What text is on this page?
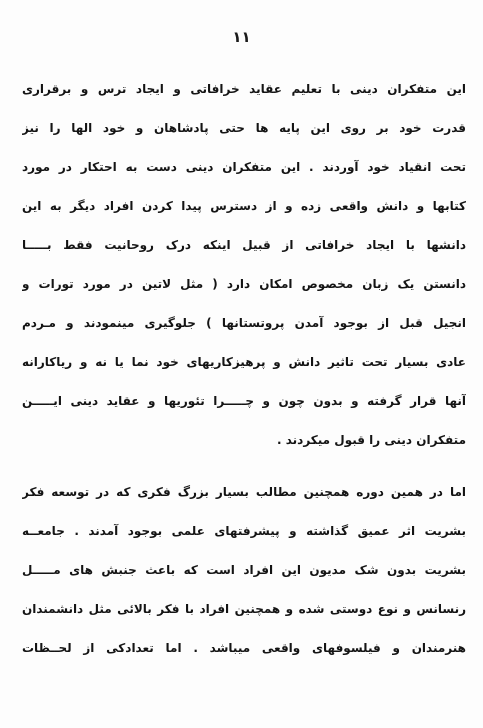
۱۱
این متفکران دینی با تعلیم عقاید خرافاتی و ایجاد ترس و برقراری
قدرت خود بر روی این پایه ها حتی پادشاهان و خود الها را نیز
تحت انقیاد خود آوردند . این متفکران دینی دست به احتکار در مورد
کتابها و دانش واقعی زده و از دسترس پیدا کردن افراد دیگر به این
دانشها با ایجاد خرافاتی از قبیل اینکه درک روحانیت فقط بـــــا
دانستن یک زبان مخصوص امکان دارد ( مثل لاتین در مورد تورات و
انجیل قبل از بوجود آمدن پروتستانها ) جلوگیری مینمودند و مـردم
عادی بسیار تحت تاثیر دانش و پرهیزکاریهای خود نما یا نه و ریاکارانه
آنها قرار گرفته و بدون چون و چـــــرا تئوریها و عقاید دینی ایـــــن
متفکران دینی را قبول میکردند .
اما در همین دوره همچنین مطالب بسیار بزرگ فکری که در توسعه فکر
بشریت اثر عمیق گذاشته و پیشرفتهای علمی بوجود آمدند . جامعــه
بشریت بدون شک مدیون این افراد است که باعث جنبش های مـــــل
رنسانس و نوع دوستی شده و همچنین افراد با فکر بالائی مثل دانشمندان
هنرمندان و فیلسوفهای واقعی میباشد . اما تعدادکی از لحــظات
